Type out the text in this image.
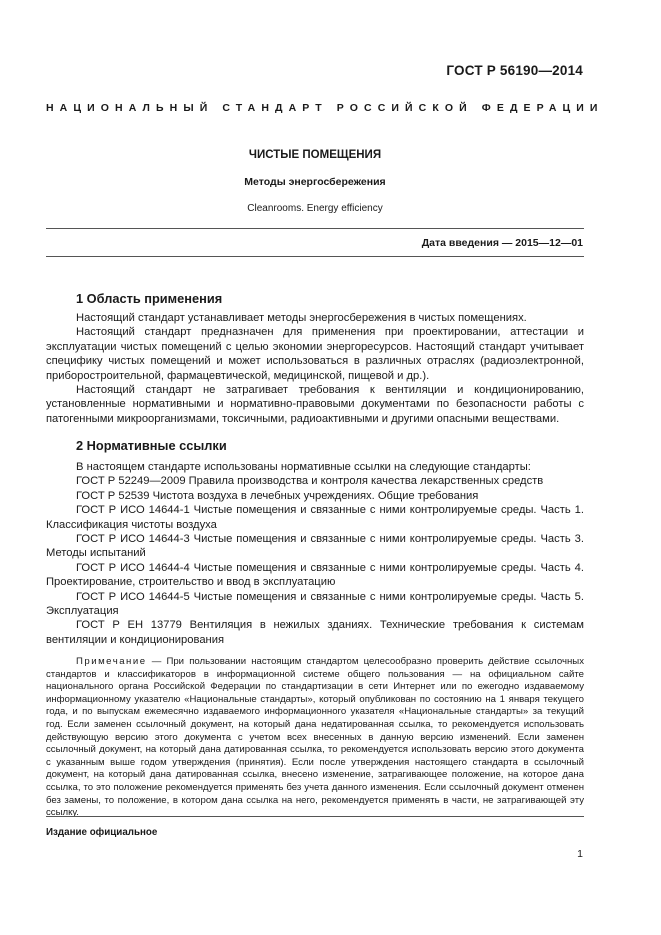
ГОСТ Р 56190—2014
НАЦИОНАЛЬНЫЙ СТАНДАРТ РОССИЙСКОЙ ФЕДЕРАЦИИ
ЧИСТЫЕ ПОМЕЩЕНИЯ
Методы энергосбережения
Cleanrooms. Energy efficiency
Дата введения — 2015—12—01
1 Область применения

Настоящий стандарт устанавливает методы энергосбережения в чистых помещениях.

Настоящий стандарт предназначен для применения при проектировании, аттестации и эксплуатации чистых помещений с целью экономии энергоресурсов. Настоящий стандарт учитывает специфику чистых помещений и может использоваться в различных отраслях (радиоэлектронной, приборостроительной, фармацевтической, медицинской, пищевой и др.).

Настоящий стандарт не затрагивает требования к вентиляции и кондиционированию, установленные нормативными и нормативно-правовыми документами по безопасности работы с патогенными микроорганизмами, токсичными, радиоактивными и другими опасными веществами.

2 Нормативные ссылки

В настоящем стандарте использованы нормативные ссылки на следующие стандарты:

ГОСТ Р 52249—2009 Правила производства и контроля качества лекарственных средств

ГОСТ Р 52539 Чистота воздуха в лечебных учреждениях. Общие требования

ГОСТ Р ИСО 14644-1 Чистые помещения и связанные с ними контролируемые среды. Часть 1. Классификация чистоты воздуха

ГОСТ Р ИСО 14644-3 Чистые помещения и связанные с ними контролируемые среды. Часть 3. Методы испытаний

ГОСТ Р ИСО 14644-4 Чистые помещения и связанные с ними контролируемые среды. Часть 4. Проектирование, строительство и ввод в эксплуатацию

ГОСТ Р ИСО 14644-5 Чистые помещения и связанные с ними контролируемые среды. Часть 5. Эксплуатация

ГОСТ Р ЕН 13779 Вентиляция в нежилых зданиях. Технические требования к системам вентиляции и кондиционирования

Примечание — При пользовании настоящим стандартом целесообразно проверить действие ссылочных стандартов и классификаторов в информационной системе общего пользования — на официальном сайте национального органа Российской Федерации по стандартизации в сети Интернет или по ежегодно издаваемому информационному указателю «Национальные стандарты», который опубликован по состоянию на 1 января текущего года, и по выпускам ежемесячно издаваемого информационного указателя «Национальные стандарты» за текущий год. Если заменен ссылочный документ, на который дана недатированная ссылка, то рекомендуется использовать действующую версию этого документа с учетом всех внесенных в данную версию изменений. Если заменен ссылочный документ, на который дана датированная ссылка, то рекомендуется использовать версию этого документа с указанным выше годом утверждения (принятия). Если после утверждения настоящего стандарта в ссылочный документ, на который дана датированная ссылка, внесено изменение, затрагивающее положение, на которое дана ссылка, то это положение рекомендуется применять без учета данного изменения. Если ссылочный документ отменен без замены, то положение, в котором дана ссылка на него, рекомендуется применять в части, не затрагивающей эту ссылку.

Издание официальное
1
